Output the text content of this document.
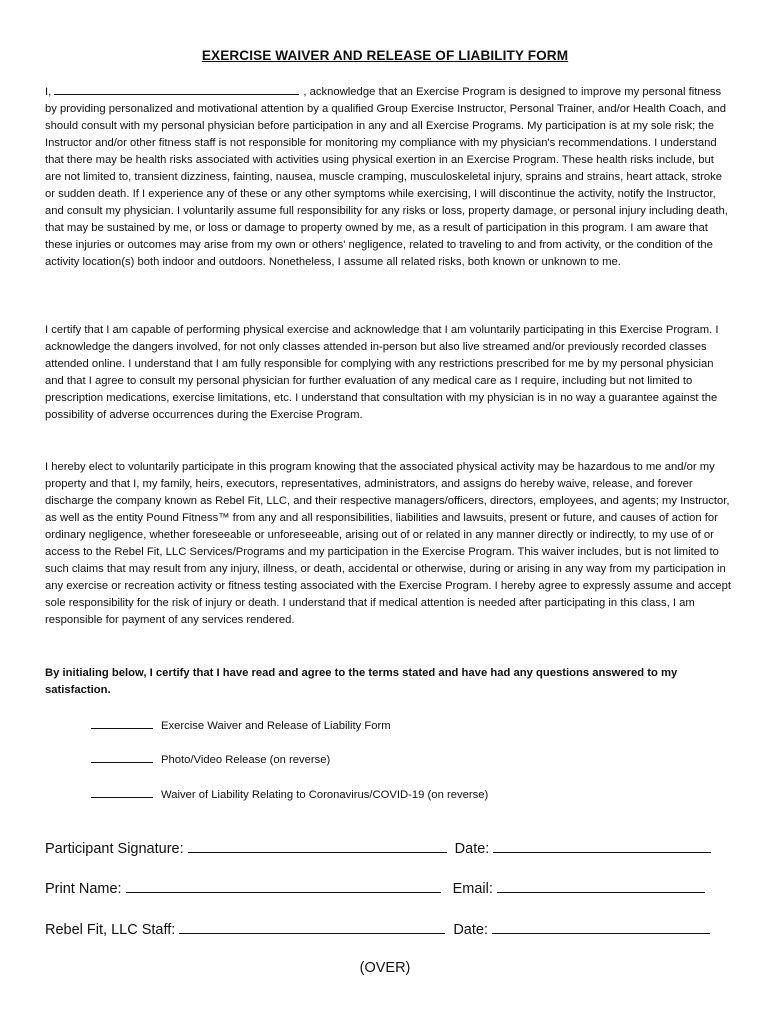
EXERCISE WAIVER AND RELEASE OF LIABILITY FORM

I,	, acknowledge that an Exercise Program is designed to improve my personal fitness by providing personalized and motivational attention by a qualified Group Exercise Instructor, Personal Trainer, and/or Health Coach, and should consult with my personal physician before participation in any and all Exercise Programs. My participation is at my sole risk; the Instructor and/or other fitness staff is not responsible for monitoring my compliance with my physician's recommendations. I understand that there may be health risks associated with activities using physical exertion in an Exercise Program. These health risks include, but are not limited to, transient dizziness, fainting, nausea, muscle cramping, musculoskeletal injury, sprains and strains, heart attack, stroke or sudden death. If I experience any of these or any other symptoms while exercising, I will discontinue the activity, notify the Instructor, and consult my physician. I voluntarily assume full responsibility for any risks or loss, property damage, or personal injury including death, that may be sustained by me, or loss or damage to property owned by me, as a result of participation in this program. I am aware that these injuries or outcomes may arise from my own or others' negligence, related to traveling to and from activity, or the condition of the activity location(s) both indoor and outdoors. Nonetheless, I assume all related risks, both known or unknown to me.

I certify that I am capable of performing physical exercise and acknowledge that I am voluntarily participating in this Exercise Program. I acknowledge the dangers involved, for not only classes attended in-person but also live streamed and/or previously recorded classes attended online. I understand that I am fully responsible for complying with any restrictions prescribed for me by my personal physician and that I agree to consult my personal physician for further evaluation of any medical care as I require, including but not limited to prescription medications, exercise limitations, etc. I understand that consultation with my physician is in no way a guarantee against the possibility of adverse occurrences during the Exercise Program.

I hereby elect to voluntarily participate in this program knowing that the associated physical activity may be hazardous to me and/or my property and that I, my family, heirs, executors, representatives, administrators, and assigns do hereby waive, release, and forever discharge the company known as Rebel Fit, LLC, and their respective managers/officers, directors, employees, and agents; my Instructor, as well as the entity Pound Fitness™ from any and all responsibilities, liabilities and lawsuits, present or future, and causes of action for ordinary negligence, whether foreseeable or unforeseeable, arising out of or related in any manner directly or indirectly, to my use of or access to the Rebel Fit, LLC Services/Programs and my participation in the Exercise Program. This waiver includes, but is not limited to such claims that may result from any injury, illness, or death, accidental or otherwise, during or arising in any way from my participation in any exercise or recreation activity or fitness testing associated with the Exercise Program. I hereby agree to expressly assume and accept sole responsibility for the risk of injury or death. I understand that if medical attention is needed after participating in this class, I am responsible for payment of any services rendered.

By initialing below, I certify that I have read and agree to the terms stated and have had any questions answered to my satisfaction.

Exercise Waiver and Release of Liability Form
Photo/Video Release (on reverse)
Waiver of Liability Relating to Coronavirus/COVID-19 (on reverse)
Participant Signature:	Date:
Print Name:	Email:
Rebel Fit, LLC Staff:	Date:
(OVER)
